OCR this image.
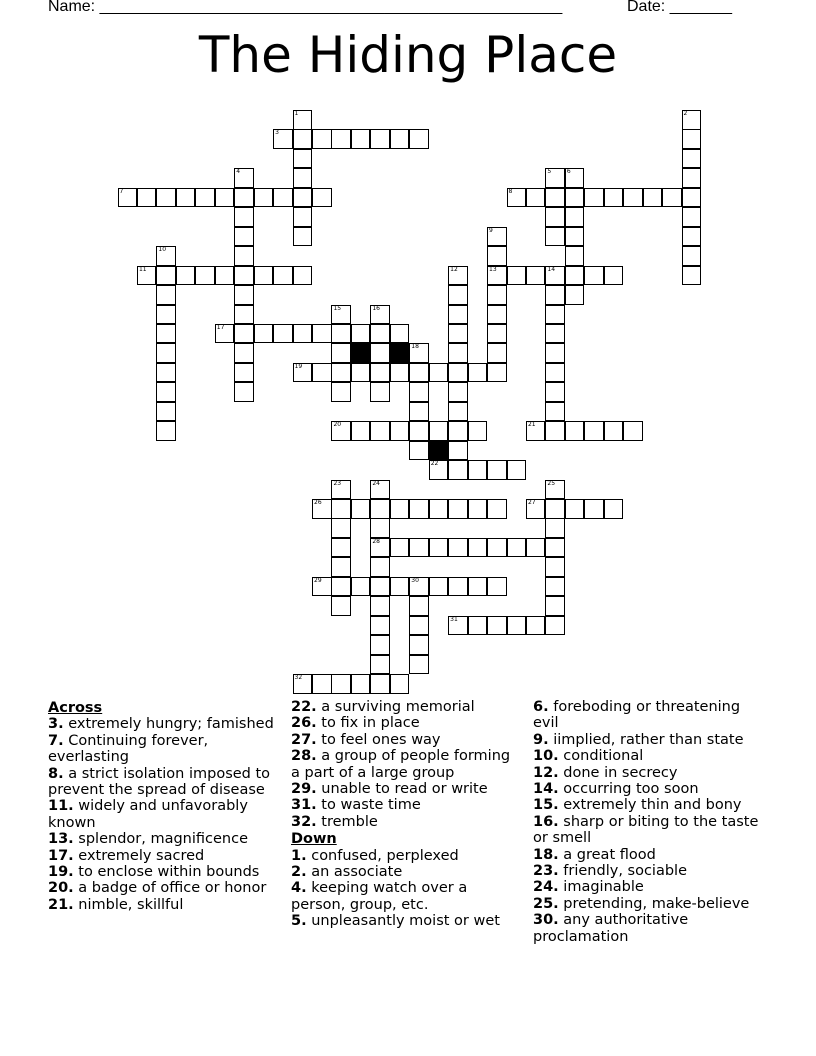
Name: ____________________________________________________	Date: _______
The Hiding Place
1	2
3
4	5	6
7	8
9
13
10
11	12	14
15	16
17
18
19
20	21
22
23	24
28
25
26	27
29	30
31
32
Across
3. extremely hungry; famished
7. Continuing forever, everlasting
8. a strict isolation imposed to prevent the spread of disease
11. widely and unfavorably known
13. splendor, magnificence
17. extremely sacred
19. to enclose within bounds
20. a badge of office or honor
21. nimble, skillful
22. a surviving memorial
26. to fix in place
27. to feel ones way
28. a group of people forming a part of a large group
29. unable to read or write
31. to waste time
32. tremble
Down
1. confused, perplexed
2. an associate
4. keeping watch over a person, group, etc.
5. unpleasantly moist or wet
6. foreboding or threatening evil
9. iimplied, rather than state
10. conditional
12. done in secrecy
14. occurring too soon
15. extremely thin and bony
16. sharp or biting to the taste or smell
18. a great flood
23. friendly, sociable
24. imaginable
25. pretending, make-believe
30. any authoritative proclamation
